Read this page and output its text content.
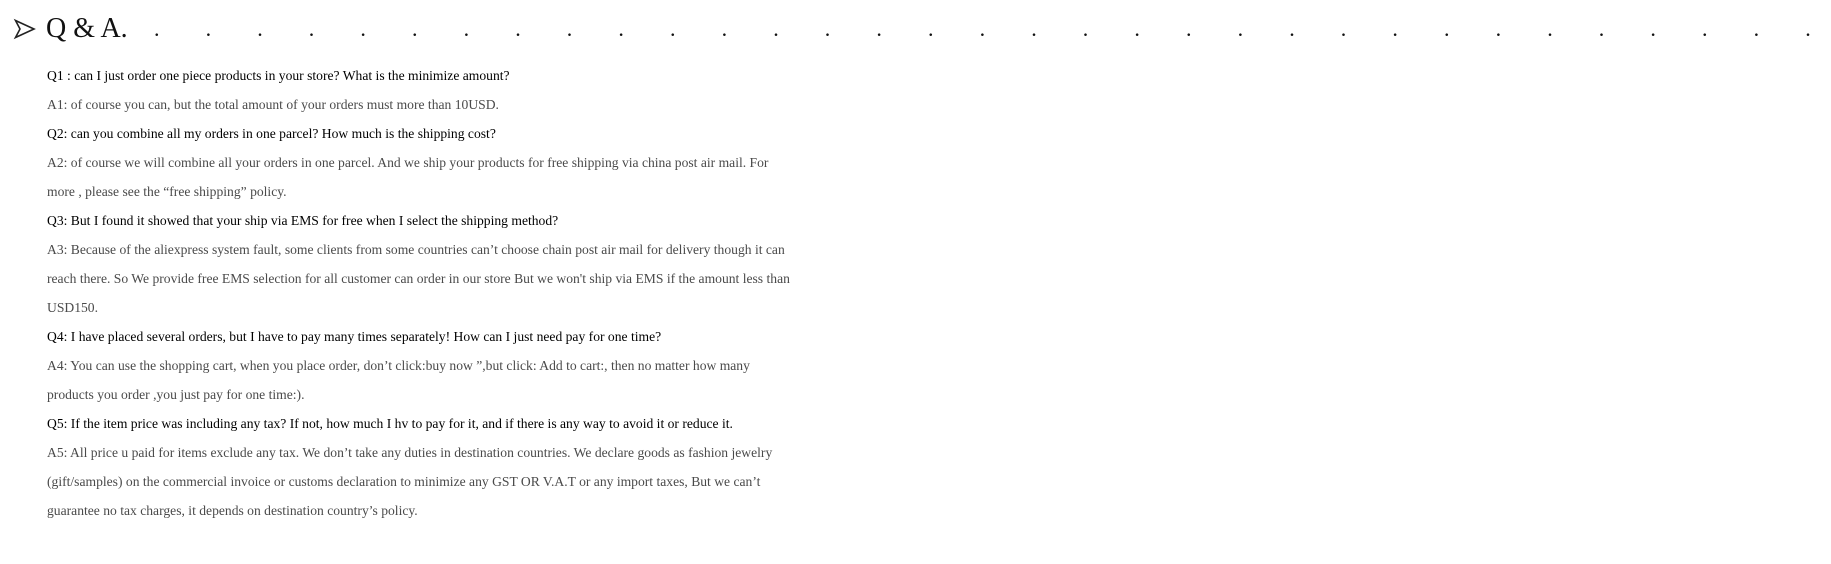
Q & A. . . . . . . . . . . . . . . . . . . . . . . . . . . . . . . . . .

Q1 : can I just order one piece products in your store? What is the minimize amount?

A1: of course you can, but the total amount of your orders must more than 10USD.

Q2: can you combine all my orders in one parcel? How much is the shipping cost?

A2: of course we will combine all your orders in one parcel. And we ship your products for free shipping via china post air mail. For more , please see the “free shipping” policy.

Q3: But I found it showed that your ship via EMS for free when I select the shipping method?

A3: Because of the aliexpress system fault, some clients from some countries can’t choose chain post air mail for delivery though it can reach there. So We provide free EMS selection for all customer can order in our store But we won't ship via EMS if the amount less than USD150.

Q4: I have placed several orders, but I have to pay many times separately! How can I just need pay for one time?

A4: You can use the shopping cart, when you place order, don’t click:buy now ”,but click: Add to cart:, then no matter how many products you order ,you just pay for one time:).

Q5: If the item price was including any tax? If not, how much I hv to pay for it, and if there is any way to avoid it or reduce it.

A5: All price u paid for items exclude any tax. We don’t take any duties in destination countries. We declare goods as fashion jewelry (gift/samples) on the commercial invoice or customs declaration to minimize any GST OR V.A.T or any import taxes, But we can’t guarantee no tax charges, it depends on destination country’s policy.
